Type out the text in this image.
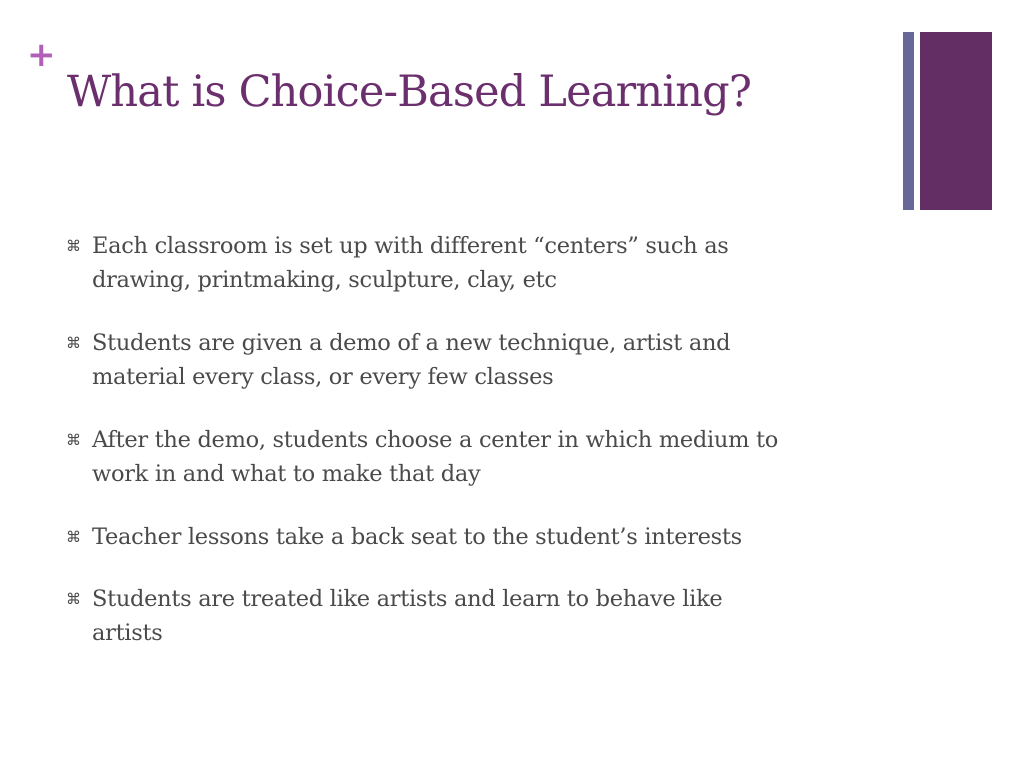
+
What is Choice-Based Learning?
⌘ Each classroom is set up with different “centers” such as
drawing, printmaking, sculpture, clay, etc
⌘ Students are given a demo of a new technique, artist and
material every class, or every few classes
⌘ After the demo, students choose a center in which medium to
work in and what to make that day
⌘ Teacher lessons take a back seat to the student’s interests
⌘ Students are treated like artists and learn to behave like
artists
